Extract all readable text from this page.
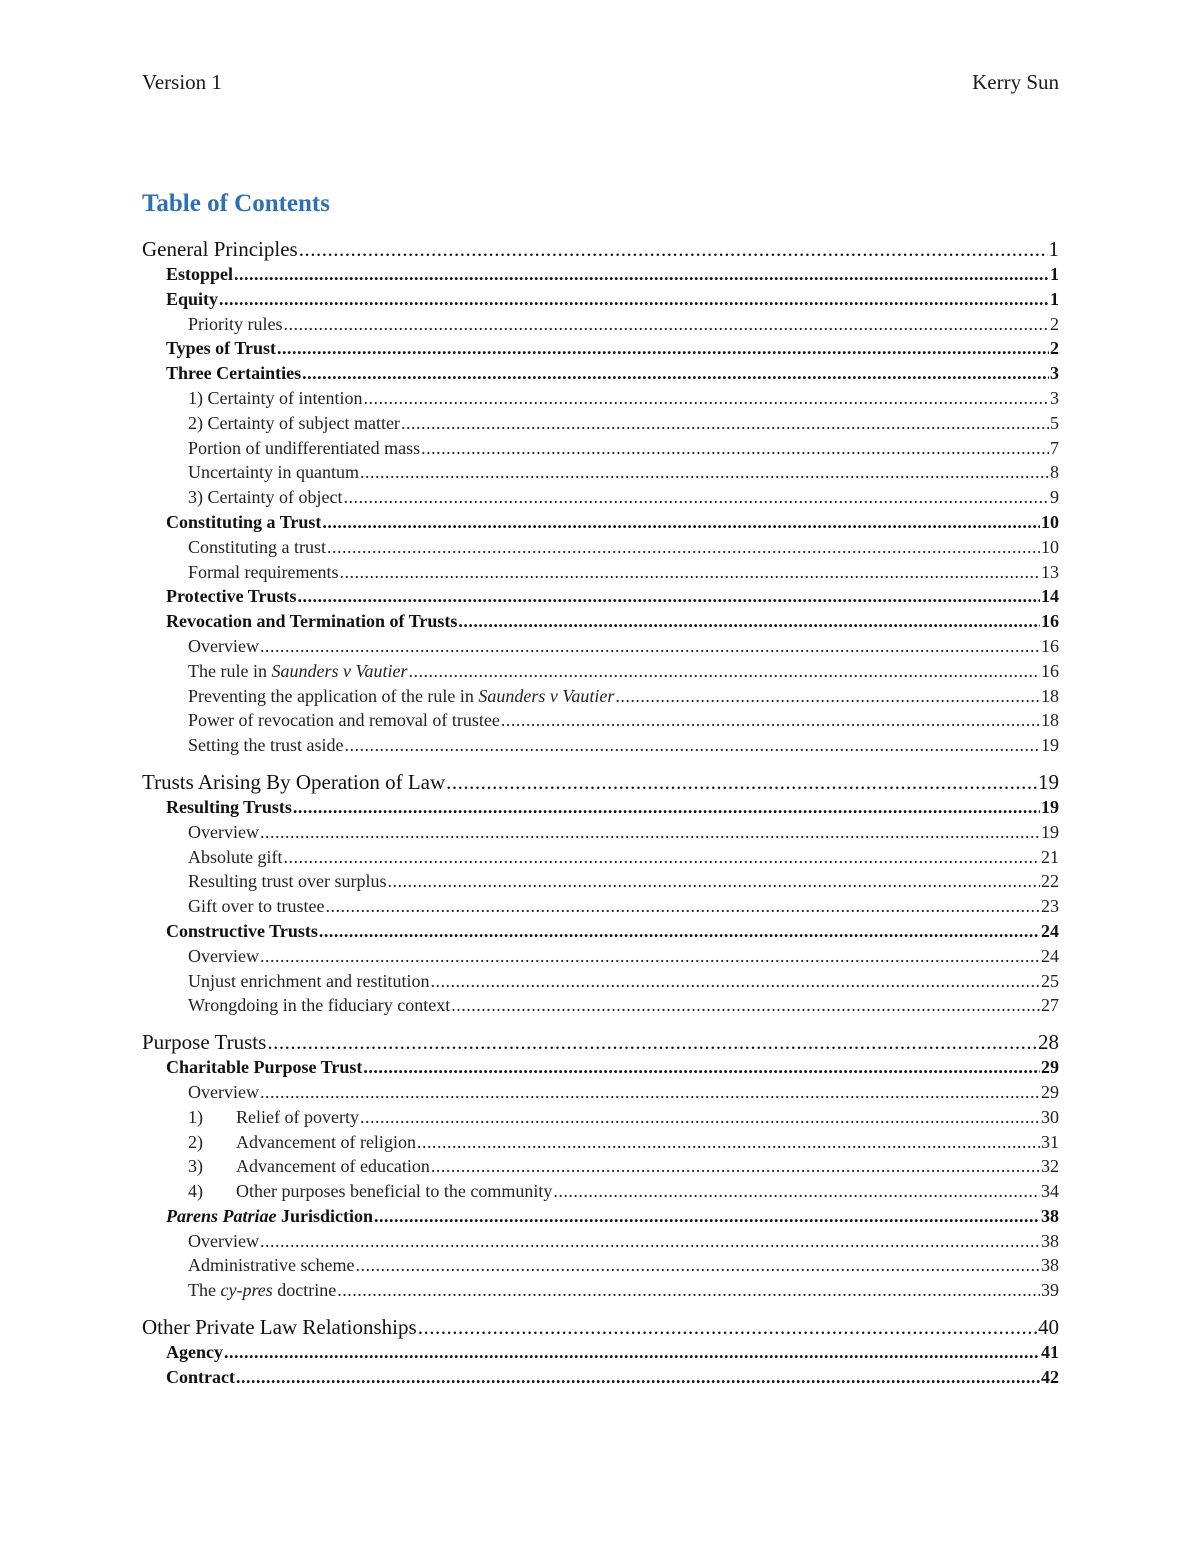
Version 1	Kerry Sun
Table of Contents
General Principles .....	1
Estoppel .....	1
Equity .....	1
Priority rules .....	2
Types of Trust .....	2
Three Certainties .....	3
1) Certainty of intention .....	3
2) Certainty of subject matter .....	5
Portion of undifferentiated mass .....	7
Uncertainty in quantum .....	8
3) Certainty of object .....	9
Constituting a Trust .....	10
Constituting a trust .....	10
Formal requirements .....	13
Protective Trusts .....	14
Revocation and Termination of Trusts .....	16
Overview .....	16
The rule in Saunders v Vautier .....	16
Preventing the application of the rule in Saunders v Vautier .....	18
Power of revocation and removal of trustee .....	18
Setting the trust aside .....	19
Trusts Arising By Operation of Law .....	19
Resulting Trusts .....	19
Overview .....	19
Absolute gift .....	21
Resulting trust over surplus .....	22
Gift over to trustee .....	23
Constructive Trusts .....	24
Overview .....	24
Unjust enrichment and restitution .....	25
Wrongdoing in the fiduciary context .....	27
Purpose Trusts .....	28
Charitable Purpose Trust .....	29
Overview .....	29
1) Relief of poverty .....	30
2) Advancement of religion .....	31
3) Advancement of education .....	32
4) Other purposes beneficial to the community .....	34
Parens Patriae Jurisdiction .....	38
Overview .....	38
Administrative scheme .....	38
The cy-pres doctrine .....	39
Other Private Law Relationships .....	40
Agency .....	41
Contract .....	42
